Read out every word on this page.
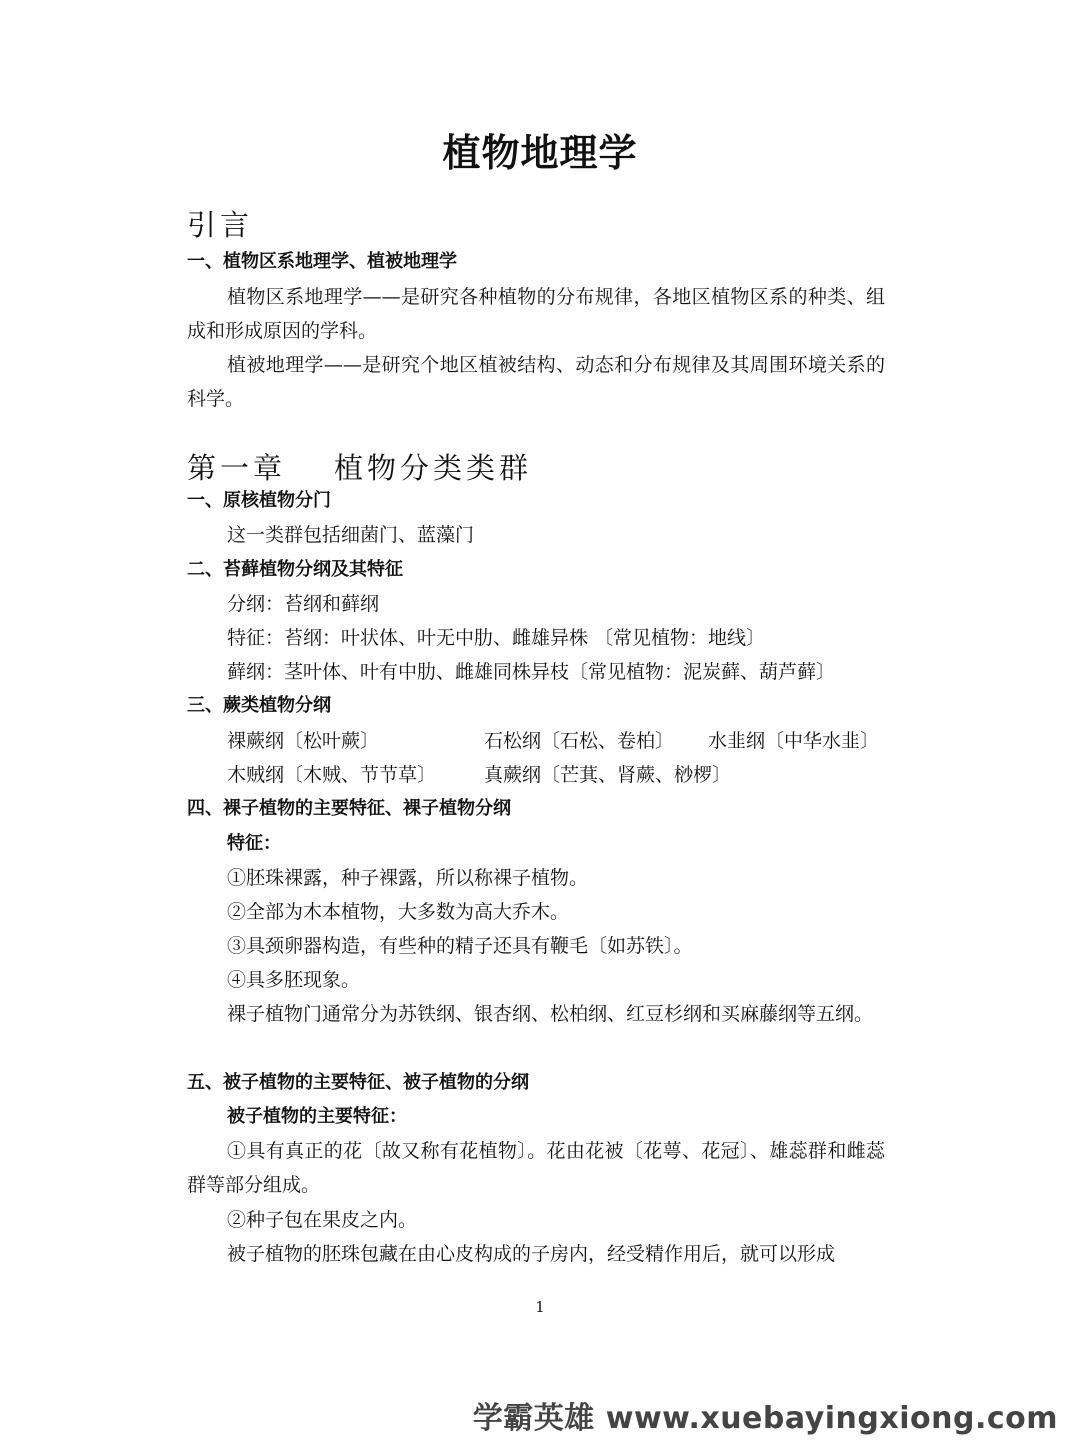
植物地理学
引言
一、植物区系地理学、植被地理学
植物区系地理学——是研究各种植物的分布规律，各地区植物区系的种类、组成和形成原因的学科。
植被地理学——是研究个地区植被结构、动态和分布规律及其周围环境关系的科学。
第一章 植物分类类群
一、原核植物分门
这一类群包括细菌门、蓝藻门
二、苔藓植物分纲及其特征
分纲：苔纲和藓纲
特征：苔纲：叶状体、叶无中肋、雌雄异株 〔常见植物：地线〕
藓纲：茎叶体、叶有中肋、雌雄同株异枝〔常见植物：泥炭藓、葫芦藓〕
三、蕨类植物分纲
裸蕨纲〔松叶蕨〕	石松纲〔石松、卷柏〕 水韭纲〔中华水韭〕
木贼纲〔木贼、节节草〕	真蕨纲〔芒萁、肾蕨、桫椤〕
四、裸子植物的主要特征、裸子植物分纲
特征：
①胚珠裸露，种子裸露，所以称裸子植物。
②全部为木本植物，大多数为高大乔木。
③具颈卵器构造，有些种的精子还具有鞭毛〔如苏铁〕。
④具多胚现象。
裸子植物门通常分为苏铁纲、银杏纲、松柏纲、红豆杉纲和买麻藤纲等五纲。
五、被子植物的主要特征、被子植物的分纲
被子植物的主要特征：
①具有真正的花〔故又称有花植物〕。花由花被〔花萼、花冠〕、雄蕊群和雌蕊群等部分组成。
②种子包在果皮之内。
被子植物的胚珠包藏在由心皮构成的子房内，经受精作用后，就可以形成
1
学霸英雄 www.xuebayingxiong.com
